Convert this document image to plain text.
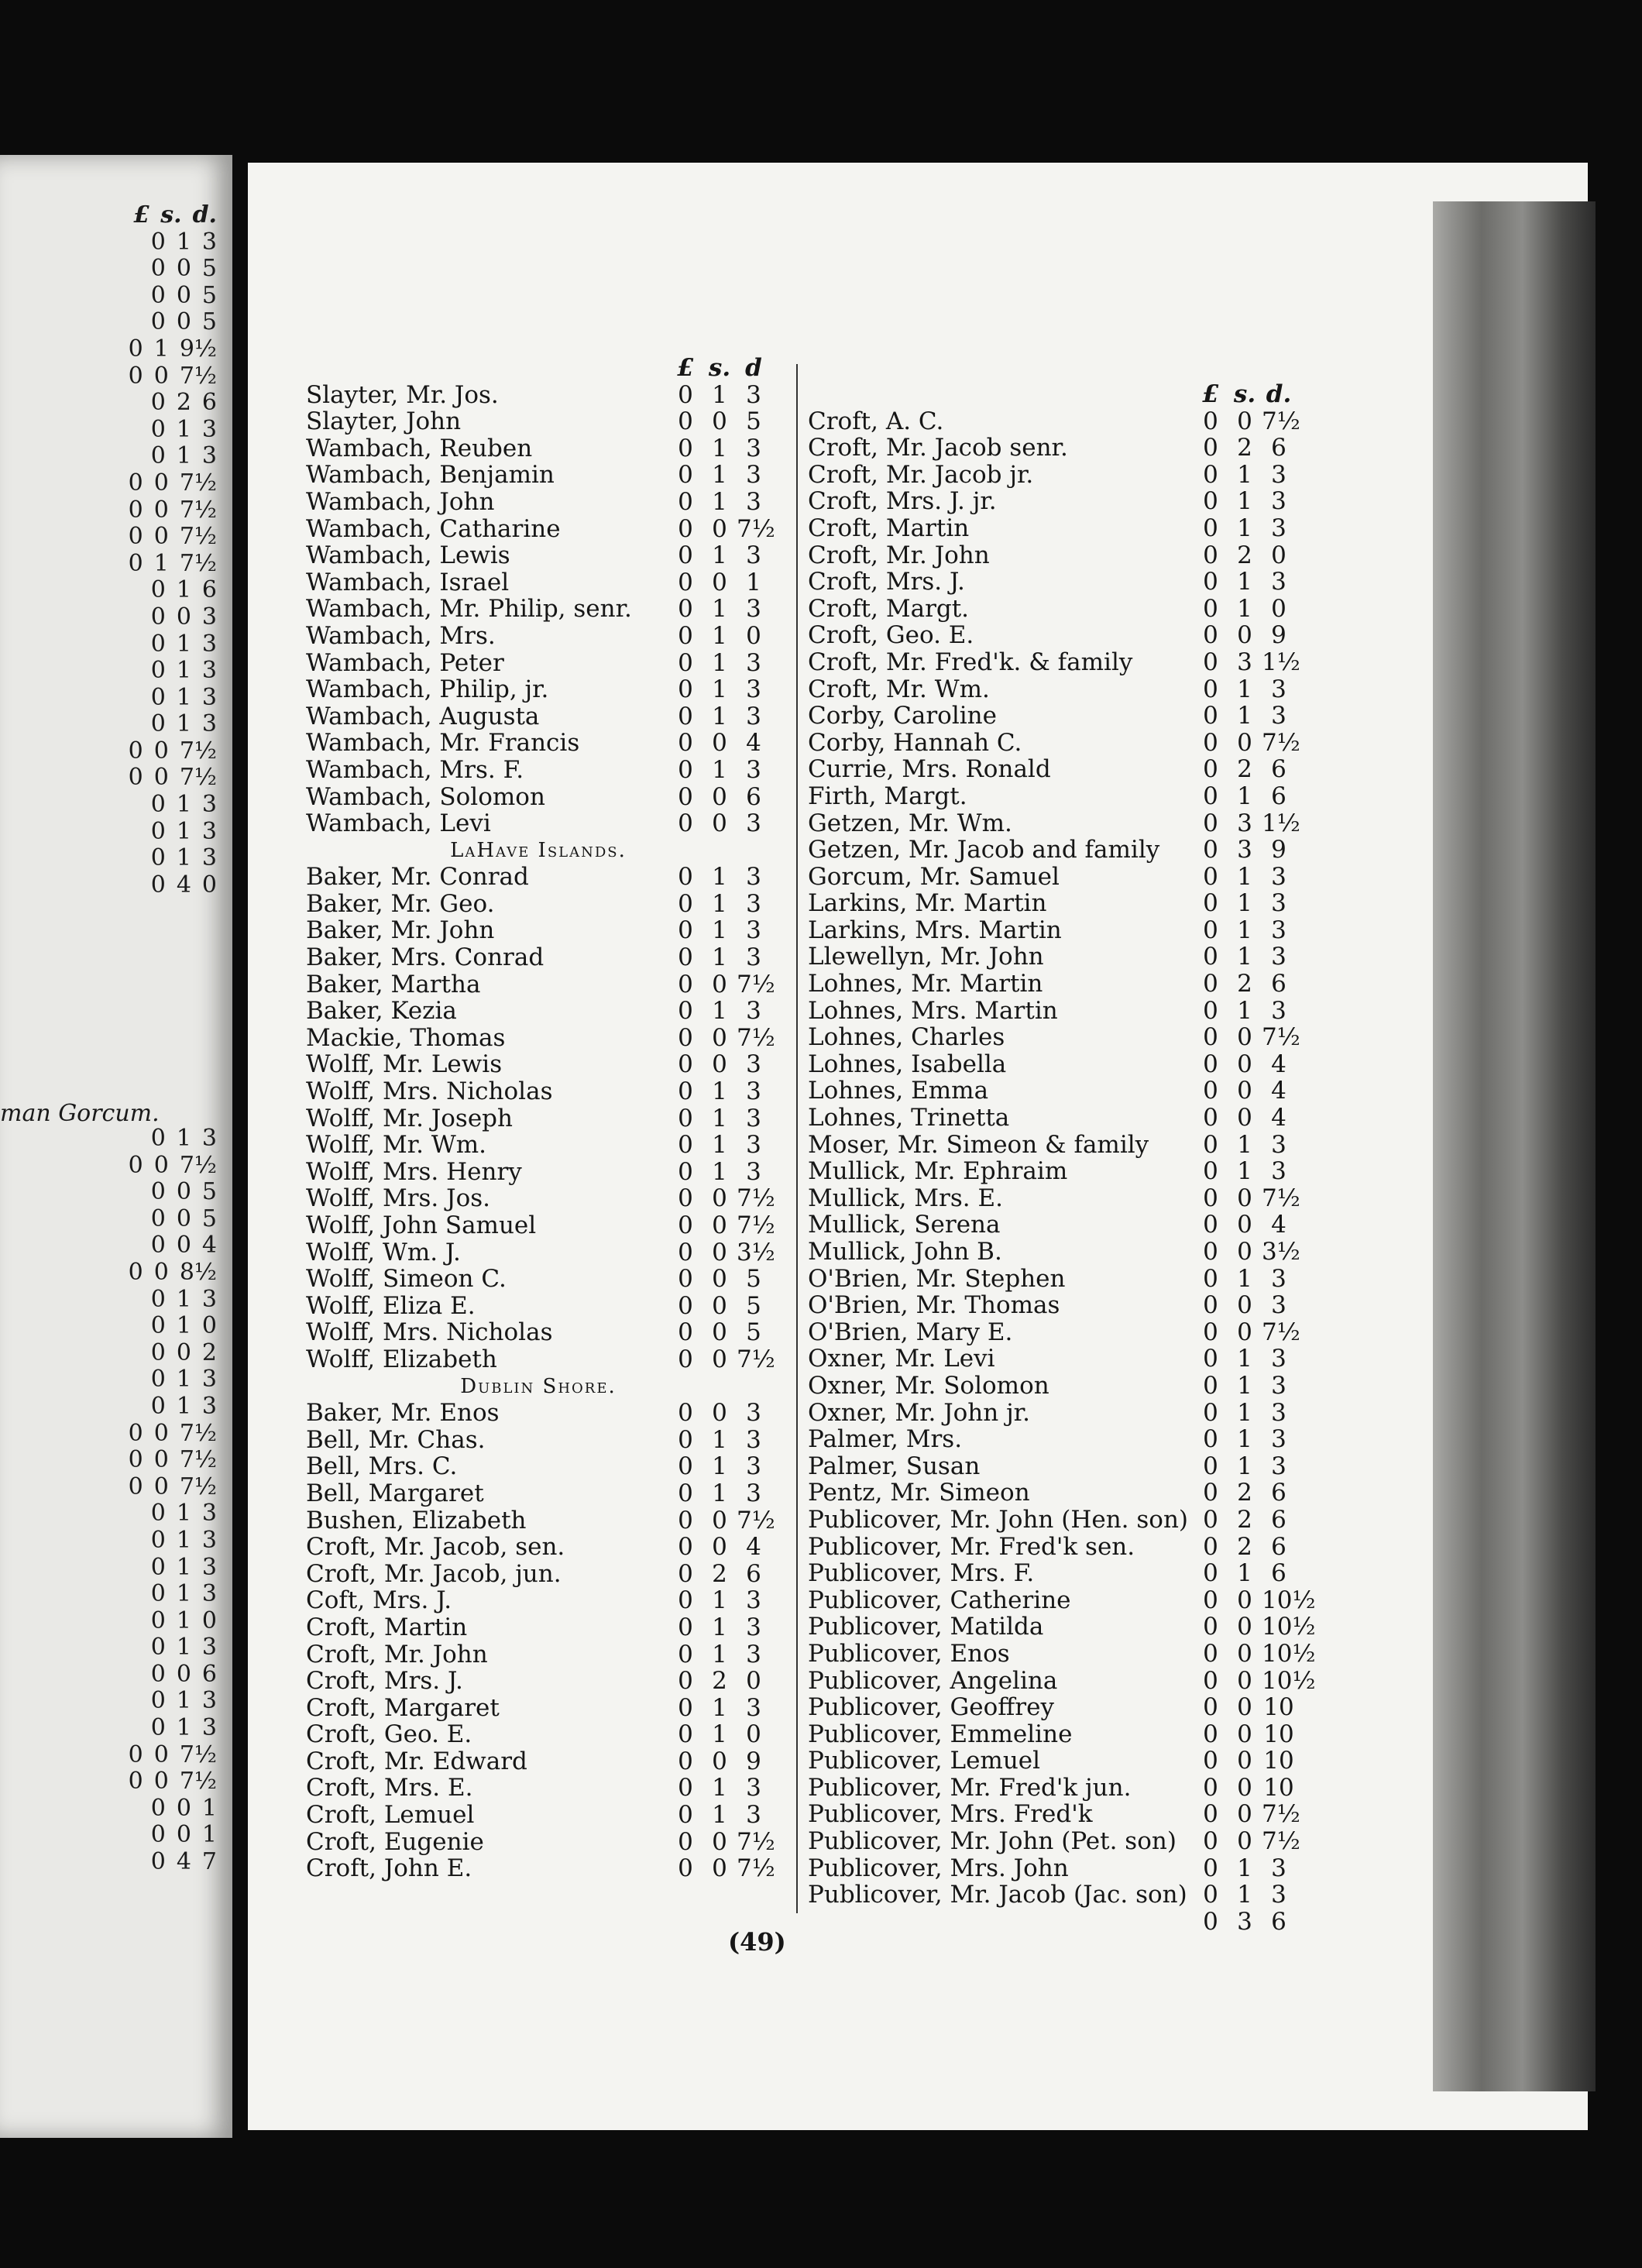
£ s. d.
0 1 3
0 0 5
0 0 5
0 0 5
0 1 9½
0 0 7½
0 2 6
0 1 3
0 1 3
0 0 7½
0 0 7½
0 0 7½
0 1 7½
0 1 6
0 0 3
0 1 3
0 1 3
0 1 3
0 1 3
0 0 7½
0 0 7½
0 1 3
0 1 3
0 1 3
0 4 0
man Gorcum.
0 1 3
0 0 7½
0 0 5
0 0 5
0 0 4
0 0 8½
0 1 3
0 1 0
0 0 2
0 1 3
0 1 3
0 0 7½
0 0 7½
0 0 7½
0 1 3
0 1 3
0 1 3
0 1 3
0 1 0
0 1 3
0 0 6
0 1 3
0 1 3
0 0 7½
0 0 7½
0 0 1
0 0 1
0 4 7
£ s. d
Slayter, Mr. Jos.	0 1 3
Slayter, John	0 0 5
Wambach, Reuben	0 1 3
Wambach, Benjamin	0 1 3
Wambach, John	0 1 3
Wambach, Catharine	0 0 7½
Wambach, Lewis	0 1 3
Wambach, Israel	0 0 1
Wambach, Mr. Philip, senr.	0 1 3
Wambach, Mrs.	0 1 0
Wambach, Peter	0 1 3
Wambach, Philip, jr.	0 1 3
Wambach, Augusta	0 1 3
Wambach, Mr. Francis	0 0 4
Wambach, Mrs. F.	0 1 3
Wambach, Solomon	0 0 6
Wambach, Levi	0 0 3
LaHave Islands.
Baker, Mr. Conrad	0 1 3
Baker, Mr. Geo.	0 1 3
Baker, Mr. John	0 1 3
Baker, Mrs. Conrad	0 1 3
Baker, Martha	0 0 7½
Baker, Kezia	0 1 3
Mackie, Thomas	0 0 7½
Wolff, Mr. Lewis	0 0 3
Wolff, Mrs. Nicholas	0 1 3
Wolff, Mr. Joseph	0 1 3
Wolff, Mr. Wm.	0 1 3
Wolff, Mrs. Henry	0 1 3
Wolff, Mrs. Jos.	0 0 7½
Wolff, John Samuel	0 0 7½
Wolff, Wm. J.	0 0 3½
Wolff, Simeon C.	0 0 5
Wolff, Eliza E.	0 0 5
Wolff, Mrs. Nicholas	0 0 5
Wolff, Elizabeth	0 0 7½
Dublin Shore.
Baker, Mr. Enos	0 0 3
Bell, Mr. Chas.	0 1 3
Bell, Mrs. C.	0 1 3
Bell, Margaret	0 1 3
Bushen, Elizabeth	0 0 7½
Croft, Mr. Jacob, sen.	0 0 4
Croft, Mr. Jacob, jun.	0 2 6
Coft, Mrs. J.	0 1 3
Croft, Martin	0 1 3
Croft, Mr. John	0 1 3
Croft, Mrs. J.	0 2 0
Croft, Margaret	0 1 3
Croft, Geo. E.	0 1 0
Croft, Mr. Edward	0 0 9
Croft, Mrs. E.	0 1 3
Croft, Lemuel	0 1 3
Croft, Eugenie	0 0 7½
Croft, John E.	0 0 7½
£ s. d.
Croft, A. C.	0 0 7½
Croft, Mr. Jacob senr.	0 2 6
Croft, Mr. Jacob jr.	0 1 3
Croft, Mrs. J. jr.	0 1 3
Croft, Martin	0 1 3
Croft, Mr. John	0 2 0
Croft, Mrs. J.	0 1 3
Croft, Margt.	0 1 0
Croft, Geo. E.	0 0 9
Croft, Mr. Fred'k. & family	0 3 1½
Croft, Mr. Wm.	0 1 3
Corby, Caroline	0 1 3
Corby, Hannah C.	0 0 7½
Currie, Mrs. Ronald	0 2 6
Firth, Margt.	0 1 6
Getzen, Mr. Wm.	0 3 1½
Getzen, Mr. Jacob and family	0 3 9
Gorcum, Mr. Samuel	0 1 3
Larkins, Mr. Martin	0 1 3
Larkins, Mrs. Martin	0 1 3
Llewellyn, Mr. John	0 1 3
Lohnes, Mr. Martin	0 2 6
Lohnes, Mrs. Martin	0 1 3
Lohnes, Charles	0 0 7½
Lohnes, Isabella	0 0 4
Lohnes, Emma	0 0 4
Lohnes, Trinetta	0 0 4
Moser, Mr. Simeon & family	0 1 3
Mullick, Mr. Ephraim	0 1 3
Mullick, Mrs. E.	0 0 7½
Mullick, Serena	0 0 4
Mullick, John B.	0 0 3½
O'Brien, Mr. Stephen	0 1 3
O'Brien, Mr. Thomas	0 0 3
O'Brien, Mary E.	0 0 7½
Oxner, Mr. Levi	0 1 3
Oxner, Mr. Solomon	0 1 3
Oxner, Mr. John jr.	0 1 3
Palmer, Mrs.	0 1 3
Palmer, Susan	0 1 3
Pentz, Mr. Simeon	0 2 6
Publicover, Mr. John (Hen. son) 0 2 6
Publicover, Mr. Fred'k sen.	0 2 6
Publicover, Mrs. F.	0 1 6
Publicover, Catherine	0 0 10½
Publicover, Matilda	0 0 10½
Publicover, Enos	0 0 10½
Publicover, Angelina	0 0 10½
Publicover, Geoffrey	0 0 10
Publicover, Emmeline	0 0 10
Publicover, Lemuel	0 0 10
Publicover, Mr. Fred'k jun.	0 0 10
Publicover, Mrs. Fred'k	0 0 7½
Publicover, Mr. John (Pet. son)	0 0 7½
Publicover, Mrs. John	0 1 3
Publicover, Mr. Jacob (Jac. son) 0 1 3
0 3 6
(49)
